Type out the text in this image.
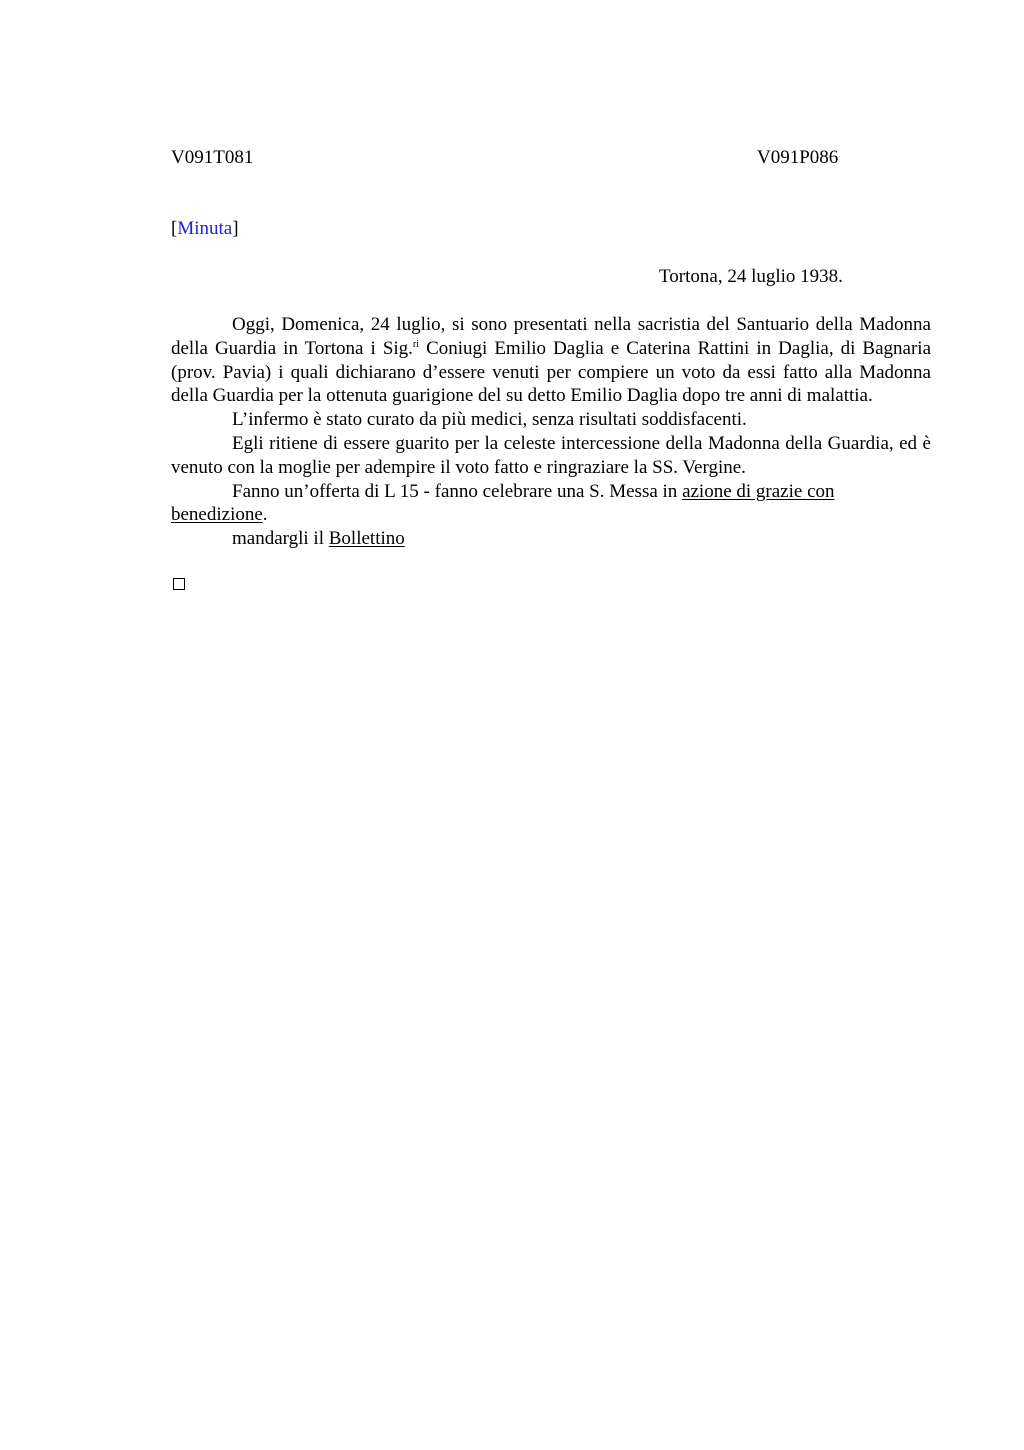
V091T081	V091P086
[Minuta]
Tortona, 24 luglio 1938.

Oggi, Domenica, 24 luglio, si sono presentati nella sacristia del Santuario della Madonna della Guardia in Tortona i Sig.$^{ri}$ Coniugi Emilio Daglia e Caterina Rattini in Daglia, di Bagnaria (prov. Pavia) i quali dichiarano d’essere venuti per compiere un voto da essi fatto alla Madonna della Guardia per la ottenuta guarigione del su detto Emilio Daglia dopo tre anni di malattia.

L’infermo è stato curato da più medici, senza risultati soddisfacenti.

Egli ritiene di essere guarito per la celeste intercessione della Madonna della Guardia, ed è venuto con la moglie per adempire il voto fatto e ringraziare la SS. Vergine.

Fanno un’offerta di L 15 - fanno celebrare una S. Messa in azione di grazie con benedizione.

mandargli il Bollettino
